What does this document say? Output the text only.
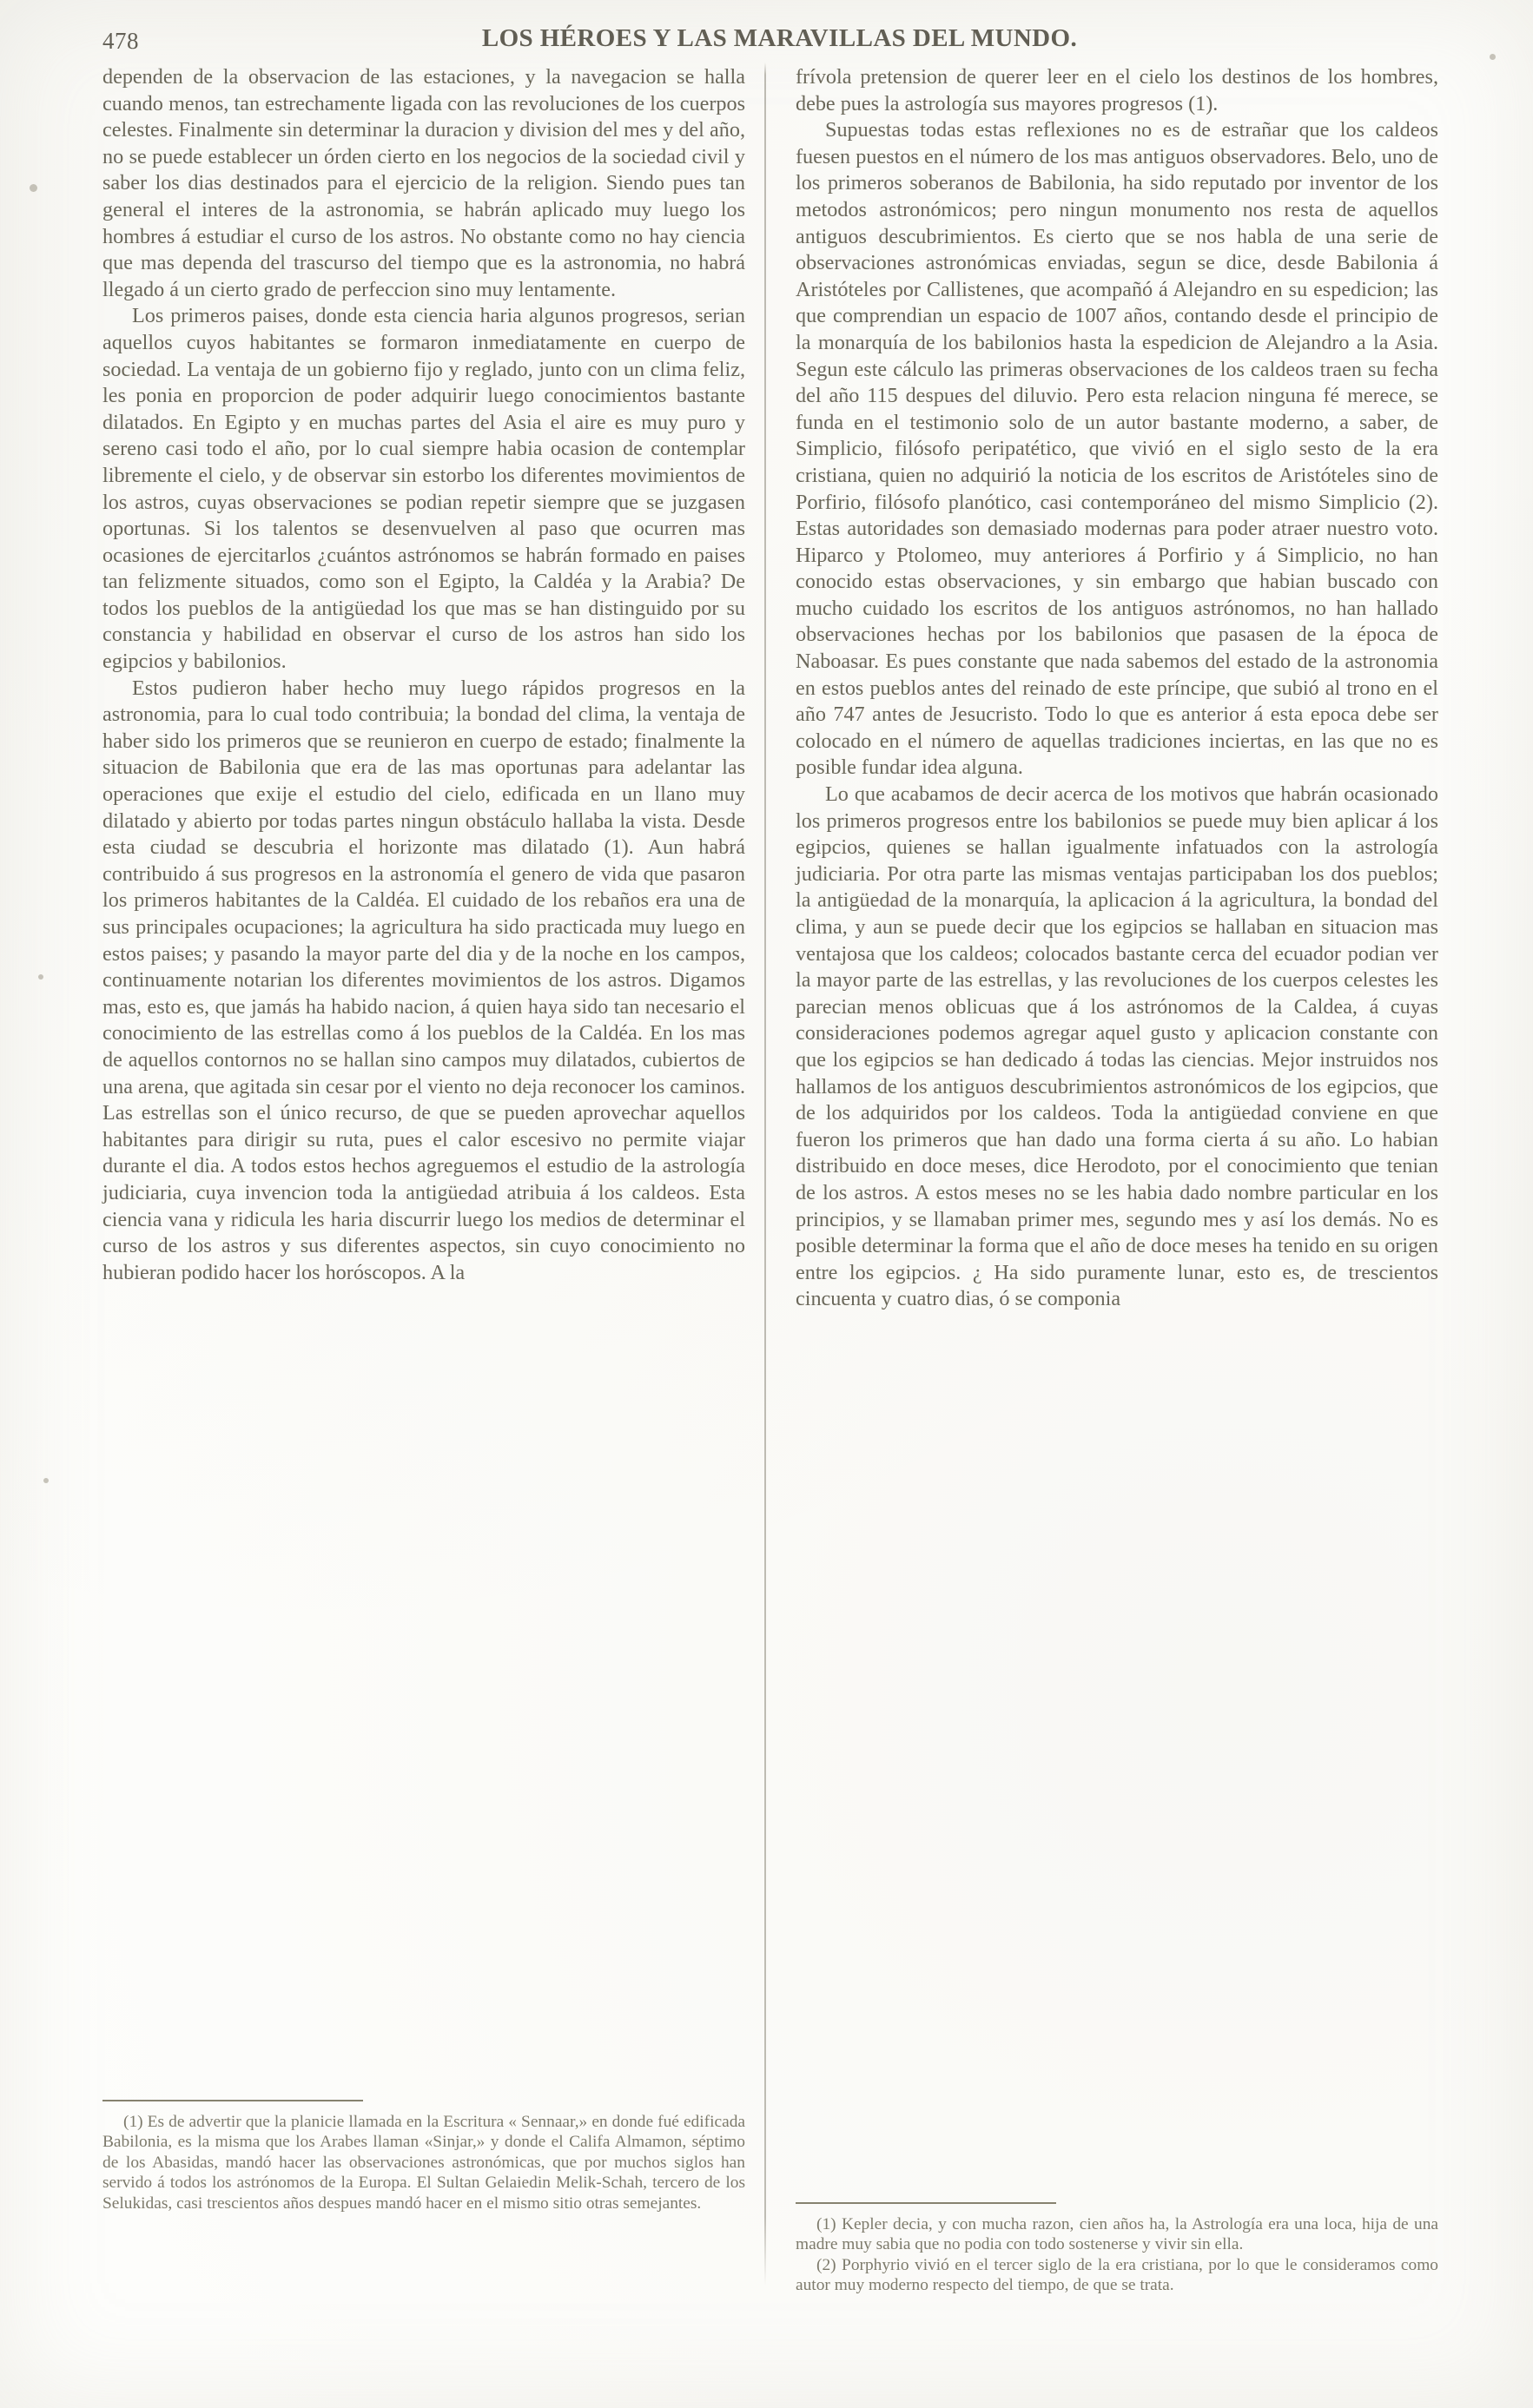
478	LOS HÉROES Y LAS MARAVILLAS DEL MUNDO.

dependen de la observacion de las estaciones, y la navegacion se halla cuando menos, tan estrechamente ligada con las revoluciones de los cuerpos celestes. Finalmente sin determinar la duracion y division del mes y del año, no se puede establecer un órden cierto en los negocios de la sociedad civil y saber los dias destinados para el ejercicio de la religion. Siendo pues tan general el interes de la astronomia, se habrán aplicado muy luego los hombres á estudiar el curso de los astros. No obstante como no hay ciencia que mas dependa del trascurso del tiempo que es la astronomia, no habrá llegado á un cierto grado de perfeccion sino muy lentamente.

Los primeros paises, donde esta ciencia haria algunos progresos, serian aquellos cuyos habitantes se formaron inmediatamente en cuerpo de sociedad. La ventaja de un gobierno fijo y reglado, junto con un clima feliz, les ponia en proporcion de poder adquirir luego conocimientos bastante dilatados. En Egipto y en muchas partes del Asia el aire es muy puro y sereno casi todo el año, por lo cual siempre habia ocasion de contemplar libremente el cielo, y de observar sin estorbo los diferentes movimientos de los astros, cuyas observaciones se podian repetir siempre que se juzgasen oportunas. Si los talentos se desenvuelven al paso que ocurren mas ocasiones de ejercitarlos ¿cuántos astrónomos se habrán formado en paises tan felizmente situados, como son el Egipto, la Caldéa y la Arabia? De todos los pueblos de la antigüedad los que mas se han distinguido por su constancia y habilidad en observar el curso de los astros han sido los egipcios y babilonios.

Estos pudieron haber hecho muy luego rápidos progresos en la astronomia, para lo cual todo contribuia; la bondad del clima, la ventaja de haber sido los primeros que se reunieron en cuerpo de estado; finalmente la situacion de Babilonia que era de las mas oportunas para adelantar las operaciones que exije el estudio del cielo, edificada en un llano muy dilatado y abierto por todas partes ningun obstáculo hallaba la vista. Desde esta ciudad se descubria el horizonte mas dilatado (1). Aun habrá contribuido á sus progresos en la astronomía el genero de vida que pasaron los primeros habitantes de la Caldéa. El cuidado de los rebaños era una de sus principales ocupaciones; la agricultura ha sido practicada muy luego en estos paises; y pasando la mayor parte del dia y de la noche en los campos, continuamente notarian los diferentes movimientos de los astros. Digamos mas, esto es, que jamás ha habido nacion, á quien haya sido tan necesario el conocimiento de las estrellas como á los pueblos de la Caldéa. En los mas de aquellos contornos no se hallan sino campos muy dilatados, cubiertos de una arena, que agitada sin cesar por el viento no deja reconocer los caminos. Las estrellas son el único recurso, de que se pueden aprovechar aquellos habitantes para dirigir su ruta, pues el calor escesivo no permite viajar durante el dia. A todos estos hechos agreguemos el estudio de la astrología judiciaria, cuya invencion toda la antigüedad atribuia á los caldeos. Esta ciencia vana y ridicula les haria discurrir luego los medios de determinar el curso de los astros y sus diferentes aspectos, sin cuyo conocimiento no hubieran podido hacer los horóscopos. A la

frívola pretension de querer leer en el cielo los destinos de los hombres, debe pues la astrología sus mayores progresos (1).

Supuestas todas estas reflexiones no es de estrañar que los caldeos fuesen puestos en el número de los mas antiguos observadores. Belo, uno de los primeros soberanos de Babilonia, ha sido reputado por inventor de los metodos astronómicos; pero ningun monumento nos resta de aquellos antiguos descubrimientos. Es cierto que se nos habla de una serie de observaciones astronómicas enviadas, segun se dice, desde Babilonia á Aristóteles por Callistenes, que acompañó á Alejandro en su espedicion; las que comprendian un espacio de 1007 años, contando desde el principio de la monarquía de los babilonios hasta la espedicion de Alejandro a la Asia. Segun este cálculo las primeras observaciones de los caldeos traen su fecha del año 115 despues del diluvio. Pero esta relacion ninguna fé merece, se funda en el testimonio solo de un autor bastante moderno, a saber, de Simplicio, filósofo peripatético, que vivió en el siglo sesto de la era cristiana, quien no adquirió la noticia de los escritos de Aristóteles sino de Porfirio, filósofo planótico, casi contemporáneo del mismo Simplicio (2). Estas autoridades son demasiado modernas para poder atraer nuestro voto. Hiparco y Ptolomeo, muy anteriores á Porfirio y á Simplicio, no han conocido estas observaciones, y sin embargo que habian buscado con mucho cuidado los escritos de los antiguos astrónomos, no han hallado observaciones hechas por los babilonios que pasasen de la época de Naboasar. Es pues constante que nada sabemos del estado de la astronomia en estos pueblos antes del reinado de este príncipe, que subió al trono en el año 747 antes de Jesucristo. Todo lo que es anterior á esta epoca debe ser colocado en el número de aquellas tradiciones inciertas, en las que no es posible fundar idea alguna.

Lo que acabamos de decir acerca de los motivos que habrán ocasionado los primeros progresos entre los babilonios se puede muy bien aplicar á los egipcios, quienes se hallan igualmente infatuados con la astrología judiciaria. Por otra parte las mismas ventajas participaban los dos pueblos; la antigüedad de la monarquía, la aplicacion á la agricultura, la bondad del clima, y aun se puede decir que los egipcios se hallaban en situacion mas ventajosa que los caldeos; colocados bastante cerca del ecuador podian ver la mayor parte de las estrellas, y las revoluciones de los cuerpos celestes les parecian menos oblicuas que á los astrónomos de la Caldea, á cuyas consideraciones podemos agregar aquel gusto y aplicacion constante con que los egipcios se han dedicado á todas las ciencias. Mejor instruidos nos hallamos de los antiguos descubrimientos astronómicos de los egipcios, que de los adquiridos por los caldeos. Toda la antigüedad conviene en que fueron los primeros que han dado una forma cierta á su año. Lo habian distribuido en doce meses, dice Herodoto, por el conocimiento que tenian de los astros. A estos meses no se les habia dado nombre particular en los principios, y se llamaban primer mes, segundo mes y así los demás. No es posible determinar la forma que el año de doce meses ha tenido en su origen entre los egipcios. ¿ Ha sido puramente lunar, esto es, de trescientos cincuenta y cuatro dias, ó se componia

(1) Es de advertir que la planicie llamada en la Escritura « Sennaar,» en donde fué edificada Babilonia, es la misma que los Arabes llaman «Sinjar,» y donde el Califa Almamon, séptimo de los Abasidas, mandó hacer las observaciones astronómicas, que por muchos siglos han servido á todos los astrónomos de la Europa. El Sultan Gelaiedin Melik-Schah, tercero de los Selukidas, casi trescientos años despues mandó hacer en el mismo sitio otras semejantes.

(1) Kepler decia, y con mucha razon, cien años ha, la Astrología era una loca, hija de una madre muy sabia que no podia con todo sostenerse y vivir sin ella.

(2) Porphyrio vivió en el tercer siglo de la era cristiana, por lo que le consideramos como autor muy moderno respecto del tiempo, de que se trata.
